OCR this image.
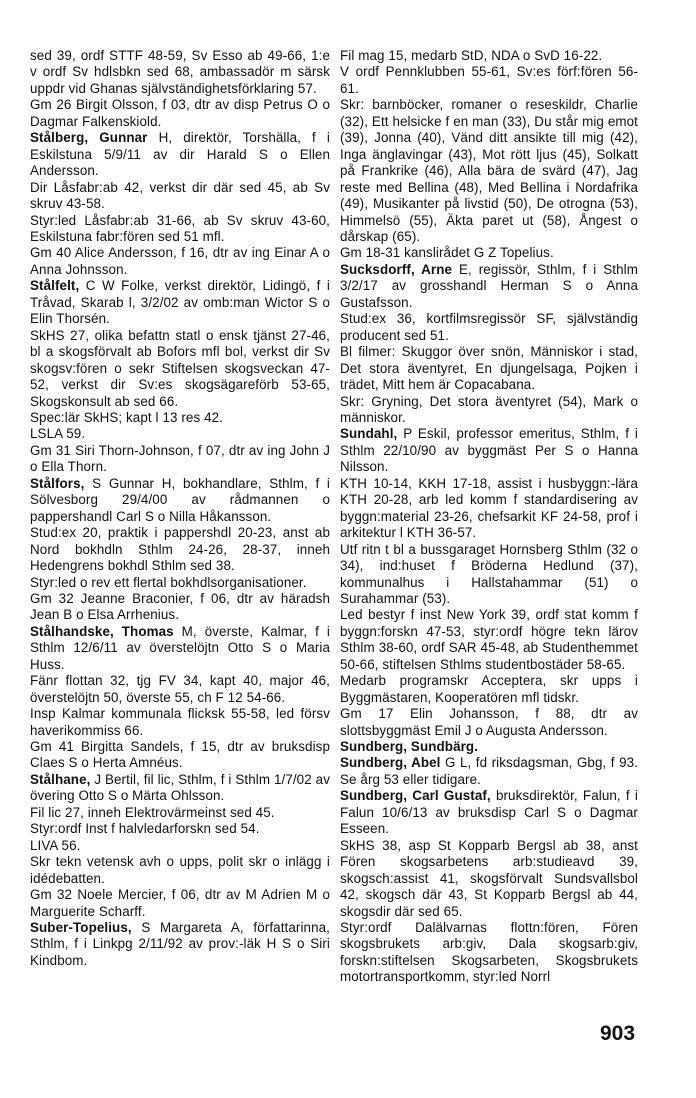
sed 39, ordf STTF 48-59, Sv Esso ab 49-66, 1:e v ordf Sv hdlsbkn sed 68, ambassadör m särsk uppdr vid Ghanas självständighetsförklaring 57.

Gm 26 Birgit Olsson, f 03, dtr av disp Petrus O o Dagmar Falkenskiold.

Stålberg, Gunnar H, direktör, Torshälla, f i Eskilstuna 5/9/11 av dir Harald S o Ellen Andersson.

Dir Låsfabr:ab 42, verkst dir där sed 45, ab Sv skruv 43-58.

Styr:led Låsfabr:ab 31-66, ab Sv skruv 43-60, Eskilstuna fabr:fören sed 51 mfl.

Gm 40 Alice Andersson, f 16, dtr av ing Einar A o Anna Johnsson.

Stålfelt, C W Folke, verkst direktör, Lidingö, f i Tråvad, Skarab l, 3/2/02 av omb:man Wictor S o Elin Thorsén.

SkHS 27, olika befattn statl o ensk tjänst 27-46, bl a skogsförvalt ab Bofors mfl bol, verkst dir Sv skogsv:fören o sekr Stiftelsen skogsveckan 47-52, verkst dir Sv:es skogsägareförb 53-65, Skogskonsult ab sed 66.

Spec:lär SkHS; kapt l 13 res 42.

LSLA 59.

Gm 31 Siri Thorn-Johnson, f 07, dtr av ing John J o Ella Thorn.

Stålfors, S Gunnar H, bokhandlare, Sthlm, f i Sölvesborg 29/4/00 av rådmannen o pappershandl Carl S o Nilla Håkansson.

Stud:ex 20, praktik i pappershdl 20-23, anst ab Nord bokhdln Sthlm 24-26, 28-37, inneh Hedengrens bokhdl Sthlm sed 38.

Styr:led o rev ett flertal bokhdlsorganisationer.

Gm 32 Jeanne Braconier, f 06, dtr av häradsh Jean B o Elsa Arrhenius.

Stålhandske, Thomas M, överste, Kalmar, f i Sthlm 12/6/11 av överstelöjtn Otto S o Maria Huss.

Fänr flottan 32, tjg FV 34, kapt 40, major 46, överstelöjtn 50, överste 55, ch F 12 54-66.

Insp Kalmar kommunala flicksk 55-58, led försv haverikommiss 66.

Gm 41 Birgitta Sandels, f 15, dtr av bruksdisp Claes S o Herta Amnéus.

Stålhane, J Bertil, fil lic, Sthlm, f i Sthlm 1/7/02 av övering Otto S o Märta Ohlsson.

Fil lic 27, inneh Elektrovärmeinst sed 45.

Styr:ordf Inst f halvledarforskn sed 54.

LIVA 56.

Skr tekn vetensk avh o upps, polit skr o inlägg i idédebatten.

Gm 32 Noele Mercier, f 06, dtr av M Adrien M o Marguerite Scharff.

Suber-Topelius, S Margareta A, författarinna, Sthlm, f i Linkpg 2/11/92 av prov:-läk H S o Siri Kindbom.

Fil mag 15, medarb StD, NDA o SvD 16-22.

V ordf Pennklubben 55-61, Sv:es förf:fören 56-61.

Skr: barnböcker, romaner o reseskildr, Charlie (32), Ett helsicke f en man (33), Du står mig emot (39), Jonna (40), Vänd ditt ansikte till mig (42), Inga änglavingar (43), Mot rött ljus (45), Solkatt på Frankrike (46), Alla bära de svärd (47), Jag reste med Bellina (48), Med Bellina i Nordafrika (49), Musikanter på livstid (50), De otrogna (53), Himmelsö (55), Äkta paret ut (58), Ångest o dårskap (65).

Gm 18-31 kanslirådet G Z Topelius.

Sucksdorff, Arne E, regissör, Sthlm, f i Sthlm 3/2/17 av grosshandl Herman S o Anna Gustafsson.

Stud:ex 36, kortfilmsregissör SF, självständig producent sed 51.

Bl filmer: Skuggor över snön, Människor i stad, Det stora äventyret, En djungelsaga, Pojken i trädet, Mitt hem är Copacabana.

Skr: Gryning, Det stora äventyret (54), Mark o människor.

Sundahl, P Eskil, professor emeritus, Sthlm, f i Sthlm 22/10/90 av byggmäst Per S o Hanna Nilsson.

KTH 10-14, KKH 17-18, assist i husbyggn:-lära KTH 20-28, arb led komm f standardisering av byggn:material 23-26, chefsarkit KF 24-58, prof i arkitektur l KTH 36-57.

Utf ritn t bl a bussgaraget Hornsberg Sthlm (32 o 34), ind:huset f Bröderna Hedlund (37), kommunalhus i Hallstahammar (51) o Surahammar (53).

Led bestyr f inst New York 39, ordf stat komm f byggn:forskn 47-53, styr:ordf högre tekn lärov Sthlm 38-60, ordf SAR 45-48, ab Studenthemmet 50-66, stiftelsen Sthlms studentbostäder 58-65.

Medarb programskr Acceptera, skr upps i Byggmästaren, Kooperatören mfl tidskr.

Gm 17 Elin Johansson, f 88, dtr av slottsbyggmäst Emil J o Augusta Andersson.

Sundberg, Sundbärg.

Sundberg, Abel G L, fd riksdagsman, Gbg, f 93. Se årg 53 eller tidigare.

Sundberg, Carl Gustaf, bruksdirektör, Falun, f i Falun 10/6/13 av bruksdisp Carl S o Dagmar Esseen.

SkHS 38, asp St Kopparb Bergsl ab 38, anst Fören skogsarbetens arb:studieavd 39, skogsch:assist 41, skogsförvalt Sundsvallsbol 42, skogsch där 43, St Kopparb Bergsl ab 44, skogsdir där sed 65.

Styr:ordf Dalälvarnas flottn:fören, Fören skogsbrukets arb:giv, Dala skogsarb:giv, forskn:stiftelsen Skogsarbeten, Skogsbrukets motortransportkomm, styr:led Norrl

903
